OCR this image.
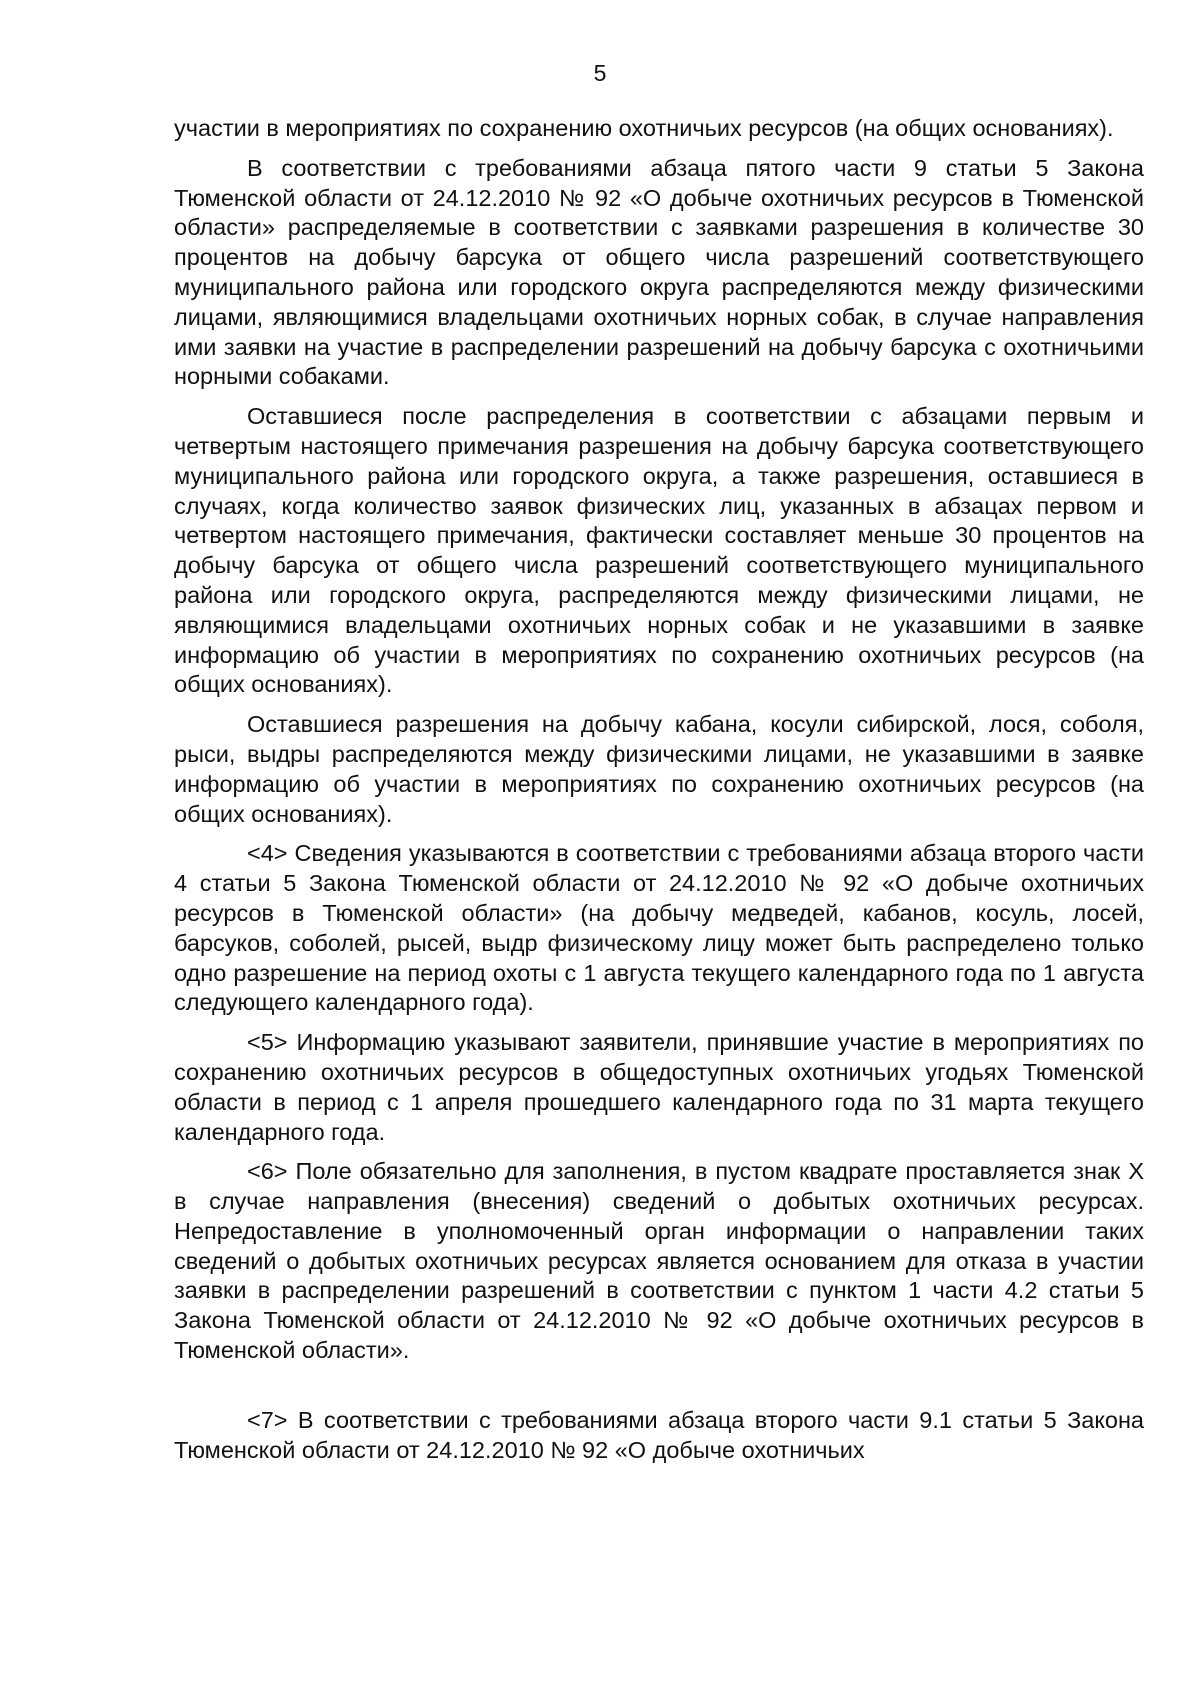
5

участии в мероприятиях по сохранению охотничьих ресурсов (на общих основаниях).

В соответствии с требованиями абзаца пятого части 9 статьи 5 Закона Тюменской области от 24.12.2010 № 92 «О добыче охотничьих ресурсов в Тюменской области» распределяемые в соответствии с заявками разрешения в количестве 30 процентов на добычу барсука от общего числа разрешений соответствующего муниципального района или городского округа распределяются между физическими лицами, являющимися владельцами охотничьих норных собак, в случае направления ими заявки на участие в распределении разрешений на добычу барсука с охотничьими норными собаками.

Оставшиеся после распределения в соответствии с абзацами первым и четвертым настоящего примечания разрешения на добычу барсука соответствующего муниципального района или городского округа, а также разрешения, оставшиеся в случаях, когда количество заявок физических лиц, указанных в абзацах первом и четвертом настоящего примечания, фактически составляет меньше 30 процентов на добычу барсука от общего числа разрешений соответствующего муниципального района или городского округа, распределяются между физическими лицами, не являющимися владельцами охотничьих норных собак и не указавшими в заявке информацию об участии в мероприятиях по сохранению охотничьих ресурсов (на общих основаниях).

Оставшиеся разрешения на добычу кабана, косули сибирской, лося, соболя, рыси, выдры распределяются между физическими лицами, не указавшими в заявке информацию об участии в мероприятиях по сохранению охотничьих ресурсов (на общих основаниях).

<4> Сведения указываются в соответствии с требованиями абзаца второго части 4 статьи 5 Закона Тюменской области от 24.12.2010 № 92 «О добыче охотничьих ресурсов в Тюменской области» (на добычу медведей, кабанов, косуль, лосей, барсуков, соболей, рысей, выдр физическому лицу может быть распределено только одно разрешение на период охоты с 1 августа текущего календарного года по 1 августа следующего календарного года).

<5> Информацию указывают заявители, принявшие участие в мероприятиях по сохранению охотничьих ресурсов в общедоступных охотничьих угодьях Тюменской области в период с 1 апреля прошедшего календарного года по 31 марта текущего календарного года.

<6> Поле обязательно для заполнения, в пустом квадрате проставляется знак X в случае направления (внесения) сведений о добытых охотничьих ресурсах. Непредоставление в уполномоченный орган информации о направлении таких сведений о добытых охотничьих ресурсах является основанием для отказа в участии заявки в распределении разрешений в соответствии с пунктом 1 части 4.2 статьи 5 Закона Тюменской области от 24.12.2010 № 92 «О добыче охотничьих ресурсов в Тюменской области».

<7> В соответствии с требованиями абзаца второго части 9.1 статьи 5 Закона Тюменской области от 24.12.2010 № 92 «О добыче охотничьих
